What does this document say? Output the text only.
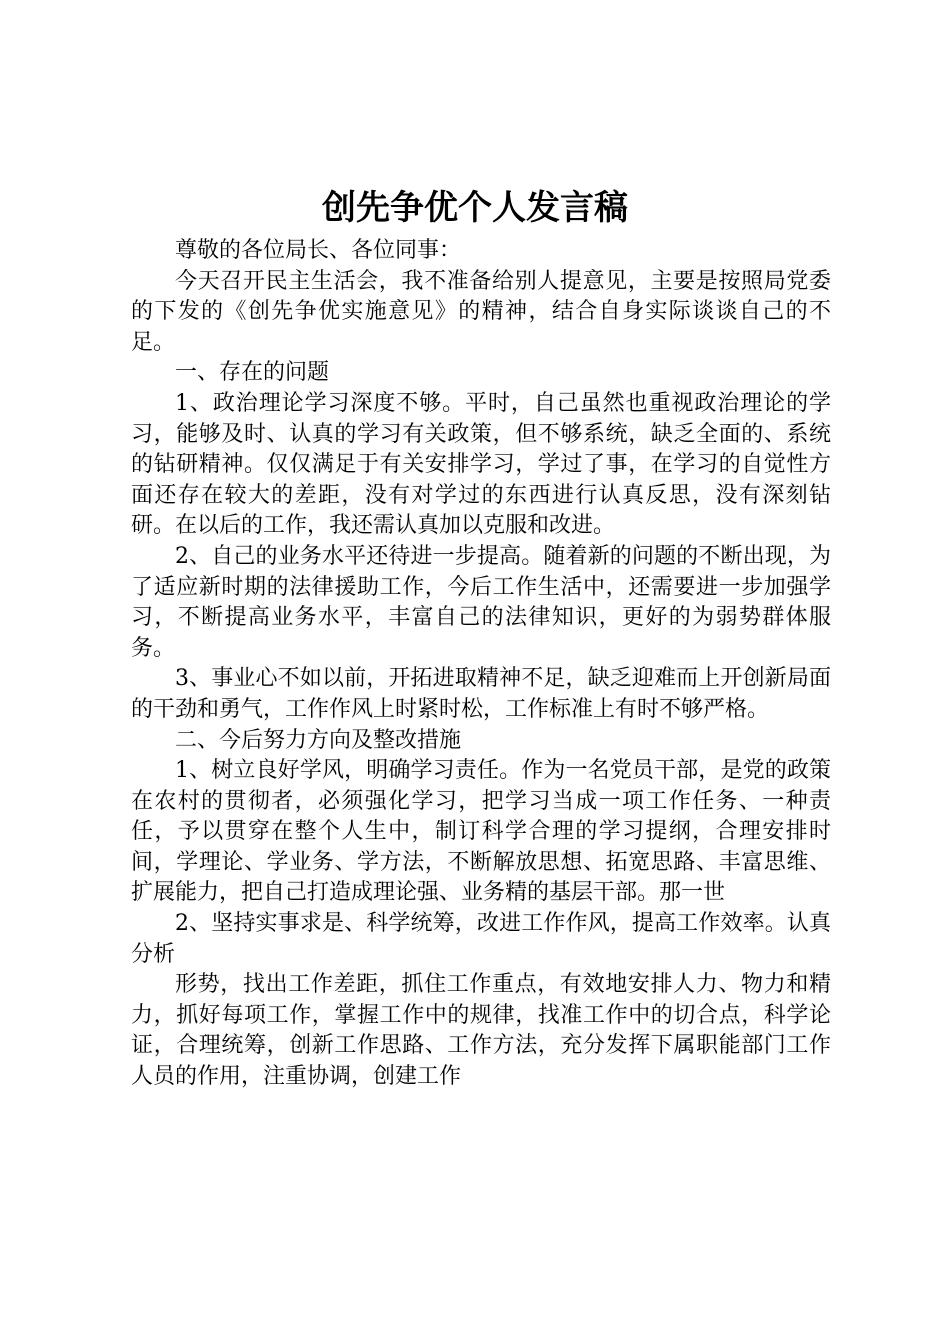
创先争优个人发言稿

尊敬的各位局长、各位同事：

今天召开民主生活会，我不准备给别人提意见，主要是按照局党委的下发的《创先争优实施意见》的精神，结合自身实际谈谈自己的不足。

一、存在的问题

1、政治理论学习深度不够。平时，自己虽然也重视政治理论的学习，能够及时、认真的学习有关政策，但不够系统，缺乏全面的、系统的钻研精神。仅仅满足于有关安排学习，学过了事，在学习的自觉性方面还存在较大的差距，没有对学过的东西进行认真反思，没有深刻钻研。在以后的工作，我还需认真加以克服和改进。

2、自己的业务水平还待进一步提高。随着新的问题的不断出现，为了适应新时期的法律援助工作，今后工作生活中，还需要进一步加强学习，不断提高业务水平，丰富自己的法律知识，更好的为弱势群体服务。

3、事业心不如以前，开拓进取精神不足，缺乏迎难而上开创新局面的干劲和勇气，工作作风上时紧时松，工作标准上有时不够严格。

二、今后努力方向及整改措施

1、树立良好学风，明确学习责任。作为一名党员干部，是党的政策在农村的贯彻者，必须强化学习，把学习当成一项工作任务、一种责任，予以贯穿在整个人生中，制订科学合理的学习提纲，合理安排时间，学理论、学业务、学方法，不断解放思想、拓宽思路、丰富思维、扩展能力，把自己打造成理论强、业务精的基层干部。那一世

2、坚持实事求是、科学统筹，改进工作作风，提高工作效率。认真分析

形势，找出工作差距，抓住工作重点，有效地安排人力、物力和精力，抓好每项工作，掌握工作中的规律，找准工作中的切合点，科学论证，合理统筹，创新工作思路、工作方法，充分发挥下属职能部门工作人员的作用，注重协调，创建工作
